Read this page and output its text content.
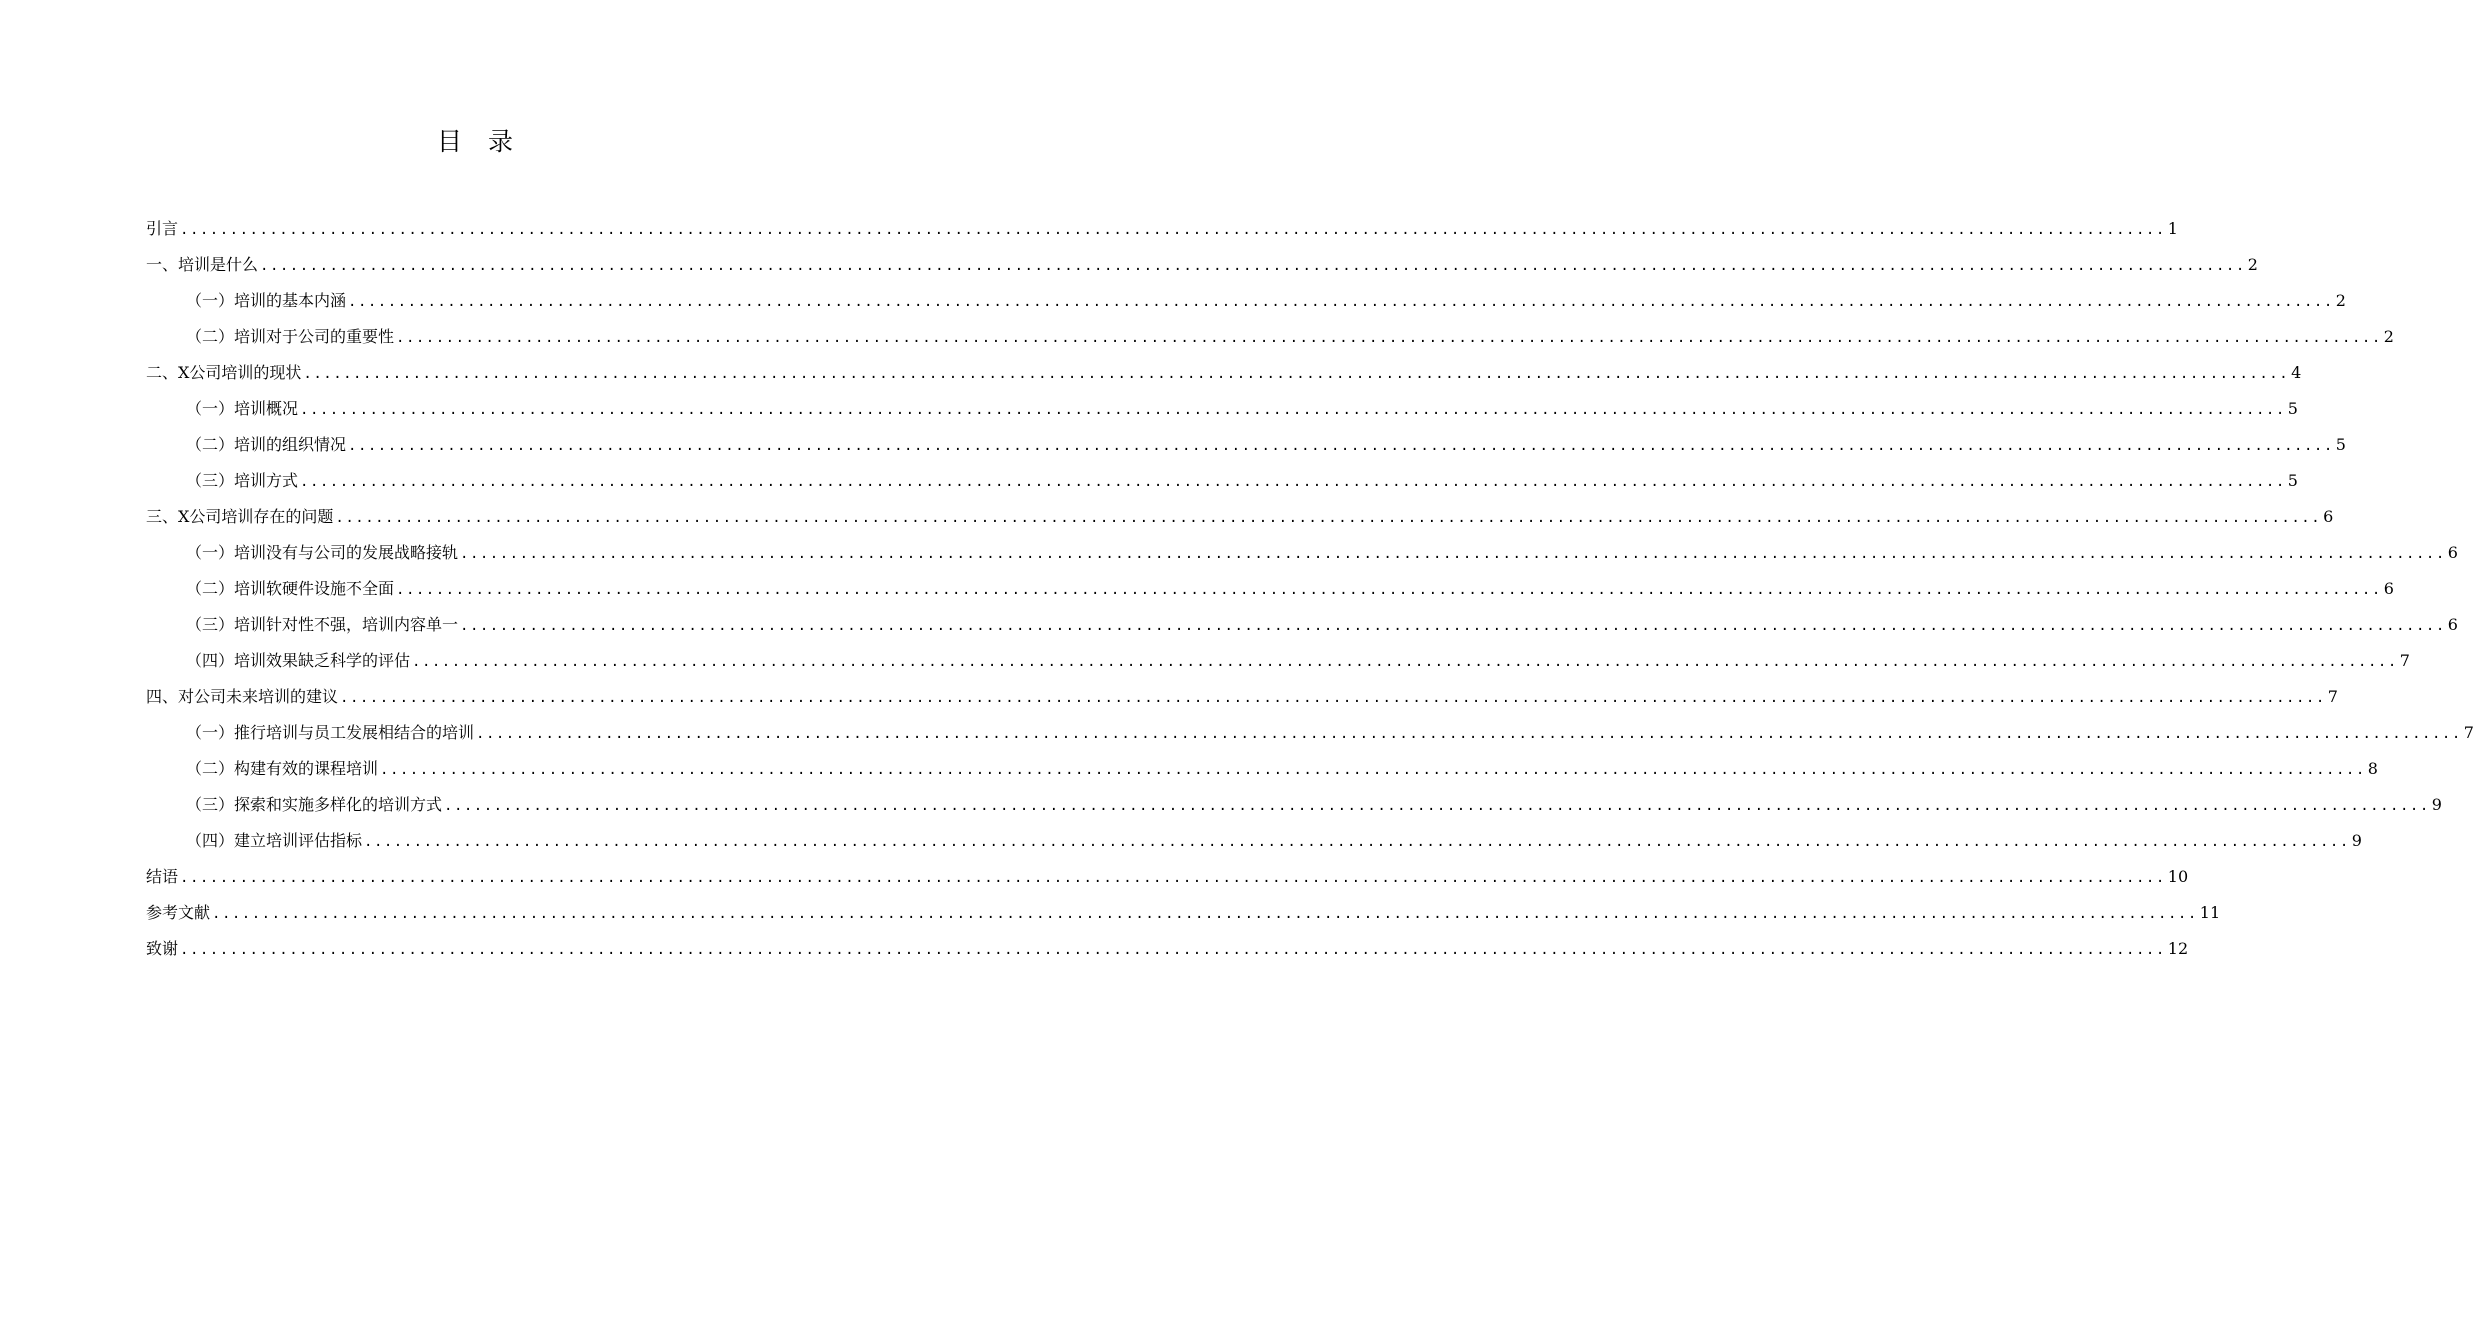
目录
引言 ........................................................................................................................................................................................................ 1
一、培训是什么 ........................................................................................................................................................................................................ 2
（一）培训的基本内涵 ........................................................................................................................................................................................................ 2
（二）培训对于公司的重要性 ........................................................................................................................................................................................................ 2
二、X公司培训的现状 ........................................................................................................................................................................................................ 4
（一）培训概况 ........................................................................................................................................................................................................ 5
（二）培训的组织情况 ........................................................................................................................................................................................................ 5
（三）培训方式 ........................................................................................................................................................................................................ 5
三、X公司培训存在的问题 ........................................................................................................................................................................................................ 6
（一）培训没有与公司的发展战略接轨 ........................................................................................................................................................................................................ 6
（二）培训软硬件设施不全面 ........................................................................................................................................................................................................ 6
（三）培训针对性不强，培训内容单一 ........................................................................................................................................................................................................ 6
（四）培训效果缺乏科学的评估 ........................................................................................................................................................................................................ 7
四、对公司未来培训的建议 ........................................................................................................................................................................................................ 7
（一）推行培训与员工发展相结合的培训 ........................................................................................................................................................................................................ 7
（二）构建有效的课程培训 ........................................................................................................................................................................................................ 8
（三）探索和实施多样化的培训方式 ........................................................................................................................................................................................................ 9
（四）建立培训评估指标 ........................................................................................................................................................................................................ 9
结语 ........................................................................................................................................................................................................ 10
参考文献 ........................................................................................................................................................................................................ 11
致谢 ........................................................................................................................................................................................................ 12
